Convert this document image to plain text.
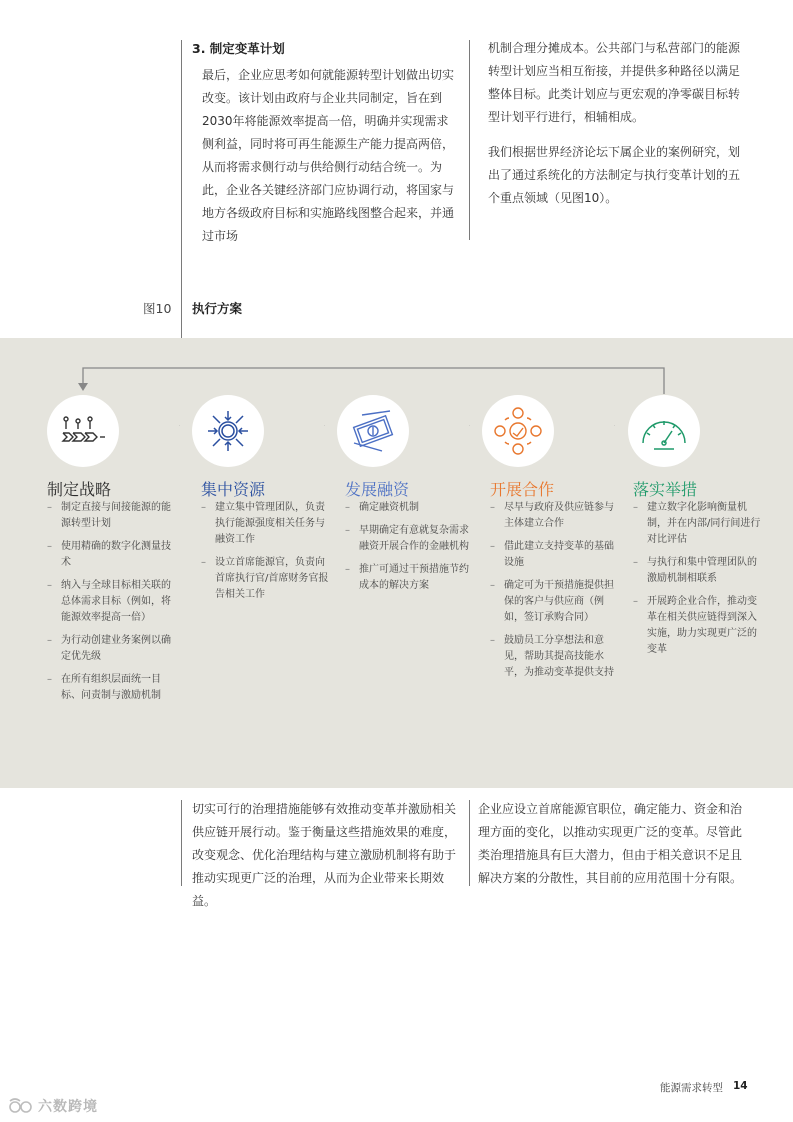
3. 制定变革计划

最后，企业应思考如何就能源转型计划做出切实改变。该计划由政府与企业共同制定，旨在到2030年将能源效率提高一倍，明确并实现需求侧利益，同时将可再生能源生产能力提高两倍，从而将需求侧行动与供给侧行动结合统一。为此，企业各关键经济部门应协调行动，将国家与地方各级政府目标和实施路线图整合起来，并通过市场

机制合理分摊成本。公共部门与私营部门的能源转型计划应当相互衔接，并提供多种路径以满足整体目标。此类计划应与更宏观的净零碳目标转型计划平行进行，相辅相成。

我们根据世界经济论坛下属企业的案例研究，划出了通过系统化的方法制定与执行变革计划的五个重点领域（见图10）。

图10 执行方案
制定战略
– 制定直接与间接能源的能源转型计划
– 使用精确的数字化测量技术
– 纳入与全球目标相关联的总体需求目标（例如，将能源效率提高一倍）
– 为行动创建业务案例以确定优先级
– 在所有组织层面统一目标、问责制与激励机制
集中资源
– 建立集中管理团队，负责执行能源强度相关任务与融资工作
– 设立首席能源官，负责向首席执行官/首席财务官报告相关工作
发展融资
– 确定融资机制
– 早期确定有意就复杂需求融资开展合作的金融机构
– 推广可通过干预措施节约成本的解决方案
开展合作
– 尽早与政府及供应链参与主体建立合作
– 借此建立支持变革的基础设施
– 确定可为干预措施提供担保的客户与供应商（例如，签订承购合同）
– 鼓励员工分享想法和意见，帮助其提高技能水平，为推动变革提供支持
落实举措
– 建立数字化影响衡量机制，并在内部/同行间进行对比评估
– 与执行和集中管理团队的激励机制相联系
– 开展跨企业合作，推动变革在相关供应链得到深入实施，助力实现更广泛的变革

切实可行的治理措施能够有效推动变革并激励相关供应链开展行动。鉴于衡量这些措施效果的难度，改变观念、优化治理结构与建立激励机制将有助于推动实现更广泛的治理，从而为企业带来长期效益。

企业应设立首席能源官职位，确定能力、资金和治理方面的变化，以推动实现更广泛的变革。尽管此类治理措施具有巨大潜力，但由于相关意识不足且解决方案的分散性，其目前的应用范围十分有限。

能源需求转型 14
六数跨境
